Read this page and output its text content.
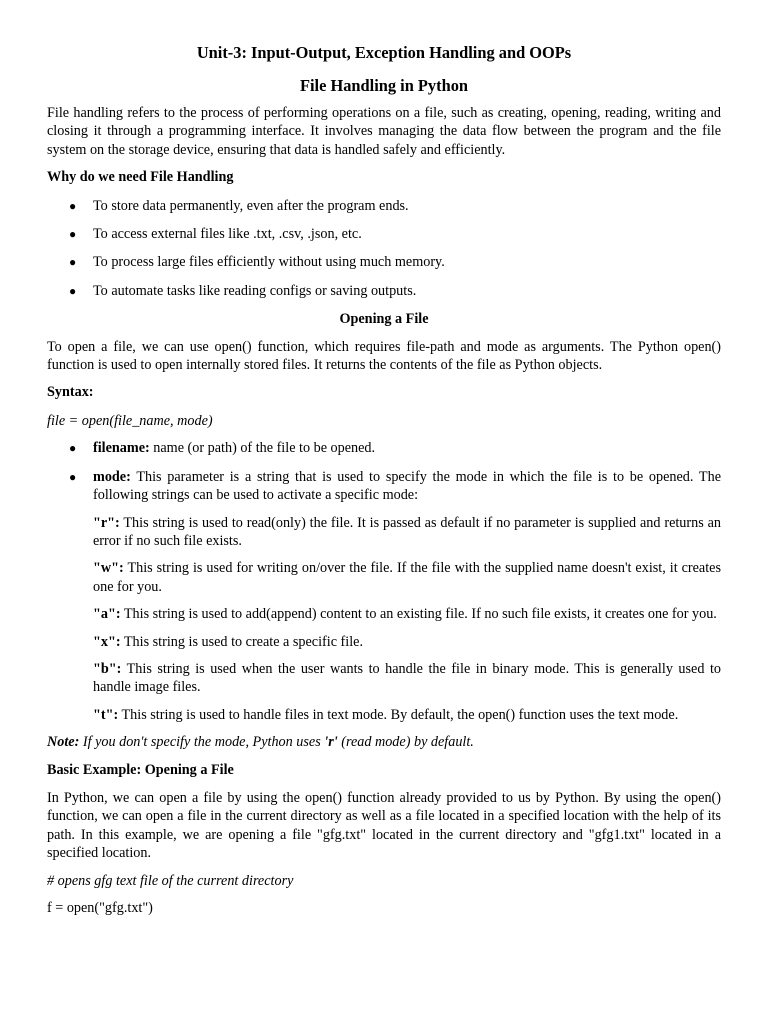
Unit-3: Input-Output, Exception Handling and OOPs
File Handling in Python

File handling refers to the process of performing operations on a file, such as creating, opening, reading, writing and closing it through a programming interface. It involves managing the data flow between the program and the file system on the storage device, ensuring that data is handled safely and efficiently.

Why do we need File Handling
● To store data permanently, even after the program ends.
● To access external files like .txt, .csv, .json, etc.
● To process large files efficiently without using much memory.
● To automate tasks like reading configs or saving outputs.
Opening a File

To open a file, we can use open() function, which requires file-path and mode as arguments. The Python open() function is used to open internally stored files. It returns the contents of the file as Python objects.

Syntax:

file = open(file_name, mode)

● filename: name (or path) of the file to be opened.
● mode: This parameter is a string that is used to specify the mode in which the file is to be opened. The following strings can be used to activate a specific mode:
"r": This string is used to read(only) the file. It is passed as default if no parameter is supplied and returns an error if no such file exists.
"w": This string is used for writing on/over the file. If the file with the supplied name doesn't exist, it creates one for you.
"a": This string is used to add(append) content to an existing file. If no such file exists, it creates one for you.
"x": This string is used to create a specific file.
"b": This string is used when the user wants to handle the file in binary mode. This is generally used to handle image files.
"t": This string is used to handle files in text mode. By default, the open() function uses the text mode.

Note: If you don't specify the mode, Python uses 'r' (read mode) by default.

Basic Example: Opening a File

In Python, we can open a file by using the open() function already provided to us by Python. By using the open() function, we can open a file in the current directory as well as a file located in a specified location with the help of its path. In this example, we are opening a file "gfg.txt" located in the current directory and "gfg1.txt" located in a specified location.

# opens gfg text file of the current directory
f = open("gfg.txt")
